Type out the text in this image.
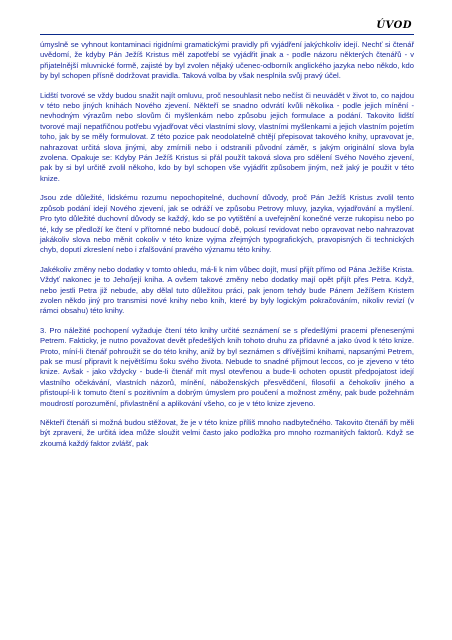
ÚVOD

úmyslně se vyhnout kontaminaci rigidními gramatickými pravidly při vyjádření jakýchkoliv idejí. Nechť si čtenář uvědomí, že kdyby Pán Ježíš Kristus měl zapotřebí se vyjádřit jinak a - podle názoru některých čtenářů - v přijatelnější mluvnické formě, zajisté by byl zvolen nějaký učenec-odborník anglického jazyka nebo někdo, kdo by byl schopen přísně dodržovat pravidla. Taková volba by však nesplnila svůj pravý účel.

Lidští tvorové se vždy budou snažit najít omluvu, proč nesouhlasit nebo nečíst či neuvádět v život to, co najdou v této nebo jiných knihách Nového zjevení. Někteří se snadno odvrátí kvůli několiка - podle jejich mínění - nevhodným výrazům nebo slovům či myšlenkám nebo způsobu jejich formulace a podání. Takovito lidští tvorové mají nepatřičnou potřebu vyjadřovat věci vlastními slovy, vlastními myšlenkami a jejich vlastním pojetím toho, jak by se měly formulovat. Z této pozice pak neodolatelně chtějí přepisovat takového knihy, upravovat je, nahrazovat určitá slova jinými, aby zmírnili nebo i odstranili původní záměr, s jakým originální slova byla zvolena. Opakuje se: Kdyby Pán Ježíš Kristus si přál použít taková slova pro sdělení Svého Nového zjevení, pak by si byl určitě zvolil někoho, kdo by byl schopen vše vyjádřit způsobem jiným, než jaký je použit v této knize.

Jsou zde důležité, lidskému rozumu nepochopitelné, duchovní důvody, proč Pán Ježíš Kristus zvolil tento způsob podání idejí Nového zjevení, jak se odráží ve způsobu Petrovy mluvy, jazyka, vyjadřování a myšlení. Pro tyto důležité duchovní důvody se každý, kdo se po vytištění a uveřejnění konečné verze rukopisu nebo po té, kdy se předloží ke čtení v přítomné nebo budoucí době, pokusí revidovat nebo opravovat nebo nahrazovat jakákoliv slova nebo měnit cokoliv v této knize vyjma zřejmých typografických, pravopisných či technických chyb, doputí zkreslení nebo i zfalšování pravého významu této knihy.

Jakékoliv změny nebo dodatky v tomto ohledu, má-li k nim vůbec dojít, musí přijít přímo od Pána Ježíše Krista. Vždyť nakonec je to Jeho/její kniha. A ovšem takové změny nebo dodatky mají opět přijít přes Petra. Když, nebo jestli Petra již nebude, aby dělal tuto důležitou práci, pak jenom tehdy bude Pánem Ježíšem Kristem zvolen někdo jiný pro transmisi nové knihy nebo knih, které by byly logickým pokračováním, nikoliv revizí (v rámci obsahu) této knihy.

3. Pro náležité pochopení vyžaduje čtení této knihy určité seznámení se s předešlými pracemi přenesenými Petrem. Fakticky, je nutno považovat devět předešlých knih tohoto druhu za přídavné a jako úvod k této knize. Proto, míní-li čtenář pohroužit se do této knihy, aniž by byl seznámen s dřívějšími knihami, napsanými Petrem, pak se musí připravit k největšímu šoku svého života. Nebude to snadné přijmout leccos, co je zjeveno v této knize. Avšak - jako vždycky - bude-li čtenář mít mysl otevřenou a bude-li ochoten opustit předpojatost idejí vlastního očekávání, vlastních názorů, mínění, náboženských přesvědčení, filosofií a čehokoliv jiného a přistoupí-li k tomuto čtení s pozitivním a dobrým úmyslem pro poučení a možnost změny, pak bude požehnám moudrostí porozumění, přivlastnění a aplikování všeho, co je v této knize zjeveno.

Někteří čtenáři si možná budou stěžovat, že je v této knize příliš mnoho nadbytečného. Takovito čtenáři by měli být zpraveni, že určitá idea může sloužit velmi často jako podložka pro mnoho rozmanitých faktorů. Když se zkoumá každý faktor zvlášť, pak
